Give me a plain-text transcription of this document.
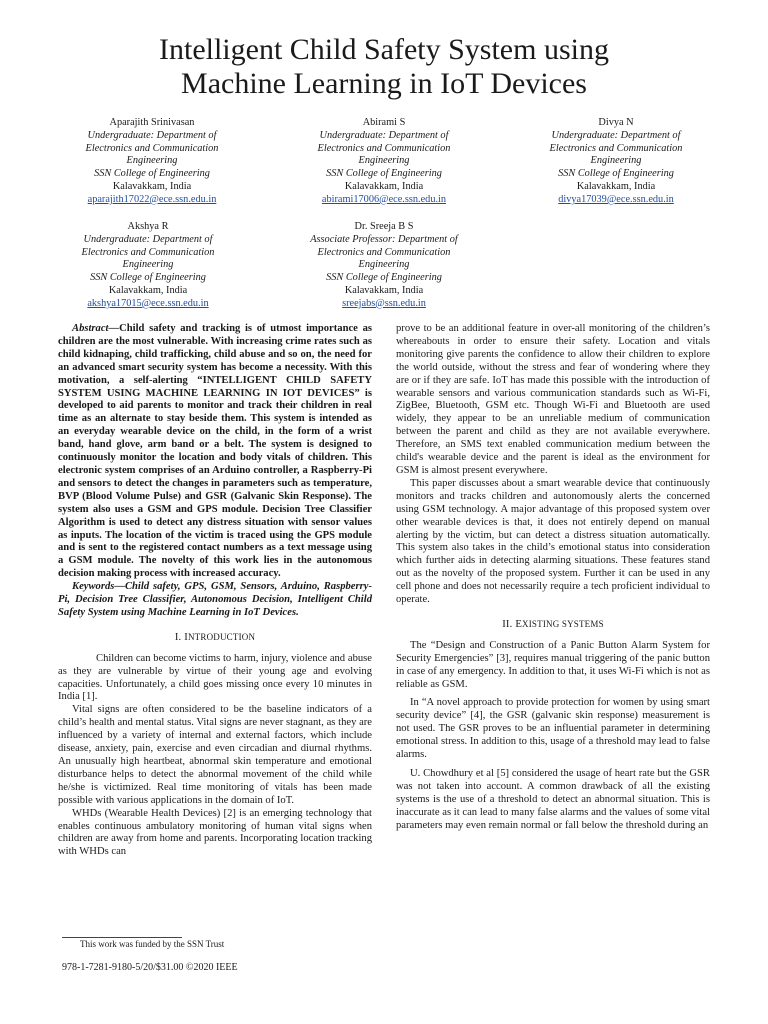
Intelligent Child Safety System using
Machine Learning in IoT Devices
Aparajith Srinivasan
Undergraduate: Department of
Electronics and Communication
Engineering
SSN College of Engineering
Kalavakkam, India
aparajith17022@ece.ssn.edu.in
Abirami S
Undergraduate: Department of
Electronics and Communication
Engineering
SSN College of Engineering
Kalavakkam, India
abirami17006@ece.ssn.edu.in
Divya N
Undergraduate: Department of
Electronics and Communication
Engineering
SSN College of Engineering
Kalavakkam, India
divya17039@ece.ssn.edu.in
Akshya R
Undergraduate: Department of
Electronics and Communication
Engineering
SSN College of Engineering
Kalavakkam, India
akshya17015@ece.ssn.edu.in
Dr. Sreeja B S
Associate Professor: Department of
Electronics and Communication
Engineering
SSN College of Engineering
Kalavakkam, India
sreejabs@ssn.edu.in

Abstract—Child safety and tracking is of utmost importance as children are the most vulnerable. With increasing crime rates such as child kidnaping, child trafficking, child abuse and so on, the need for an advanced smart security system has become a necessity. With this motivation, a self-alerting “INTELLIGENT CHILD SAFETY SYSTEM USING MACHINE LEARNING IN IOT DEVICES” is developed to aid parents to monitor and track their children in real time as an alternate to stay beside them. This system is intended as an everyday wearable device on the child, in the form of a wrist band, hand glove, arm band or a belt. The system is designed to continuously monitor the location and body vitals of children. This electronic system comprises of an Arduino controller, a Raspberry-Pi and sensors to detect the changes in parameters such as temperature, BVP (Blood Volume Pulse) and GSR (Galvanic Skin Response). The system also uses a GSM and GPS module. Decision Tree Classifier Algorithm is used to detect any distress situation with sensor values as inputs. The location of the victim is traced using the GPS module and is sent to the registered contact numbers as a text message using a GSM module. The novelty of this work lies in the autonomous decision making process with increased accuracy.

Keywords—Child safety, GPS, GSM, Sensors, Arduino, Raspberry-Pi, Decision Tree Classifier, Autonomous Decision, Intelligent Child Safety System using Machine Learning in IoT Devices.

I. INTRODUCTION

Children can become victims to harm, injury, violence and abuse as they are vulnerable by virtue of their young age and evolving capacities. Unfortunately, a child goes missing once every 10 minutes in India [1].

Vital signs are often considered to be the baseline indicators of a child’s health and mental status. Vital signs are never stagnant, as they are influenced by a variety of internal and external factors, which include disease, anxiety, pain, exercise and even circadian and diurnal rhythms. An unusually high heartbeat, abnormal skin temperature and emotional disturbance helps to detect the abnormal movement of the child while he/she is victimized. Real time monitoring of vitals has been made possible with various applications in the domain of IoT.

WHDs (Wearable Health Devices) [2] is an emerging technology that enables continuous ambulatory monitoring of human vital signs when children are away from home and parents. Incorporating location tracking with WHDs can

prove to be an additional feature in over-all monitoring of the children’s whereabouts in order to ensure their safety. Location and vitals monitoring give parents the confidence to allow their children to explore the world outside, without the stress and fear of wondering where they are or if they are safe. IoT has made this possible with the introduction of wearable sensors and various communication standards such as Wi-Fi, ZigBee, Bluetooth, GSM etc. Though Wi-Fi and Bluetooth are used widely, they appear to be an unreliable medium of communication between the parent and child as they are not available everywhere. Therefore, an SMS text enabled communication medium between the child's wearable device and the parent is ideal as the environment for GSM is almost present everywhere.

This paper discusses about a smart wearable device that continuously monitors and tracks children and autonomously alerts the concerned using GSM technology. A major advantage of this proposed system over other wearable devices is that, it does not entirely depend on manual alerting by the victim, but can detect a distress situation automatically. This system also takes in the child’s emotional status into consideration which further aids in detecting alarming situations. These features stand out as the novelty of the proposed system. Further it can be used in any cell phone and does not necessarily require a tech proficient individual to operate.

II. EXISTING SYSTEMS

The “Design and Construction of a Panic Button Alarm System for Security Emergencies” [3], requires manual triggering of the panic button in case of any emergency. In addition to that, it uses Wi-Fi which is not as reliable as GSM.

In “A novel approach to provide protection for women by using smart security device” [4], the GSR (galvanic skin response) measurement is not used. The GSR proves to be an influential parameter in determining emotional stress. In addition to this, usage of a threshold may lead to false alarms.

U. Chowdhury et al [5] considered the usage of heart rate but the GSR was not taken into account. A common drawback of all the existing systems is the use of a threshold to detect an abnormal situation. This is inaccurate as it can lead to many false alarms and the values of some vital parameters may even remain normal or fall below the threshold during an

This work was funded by the SSN Trust
978-1-7281-9180-5/20/$31.00 ©2020 IEEE
